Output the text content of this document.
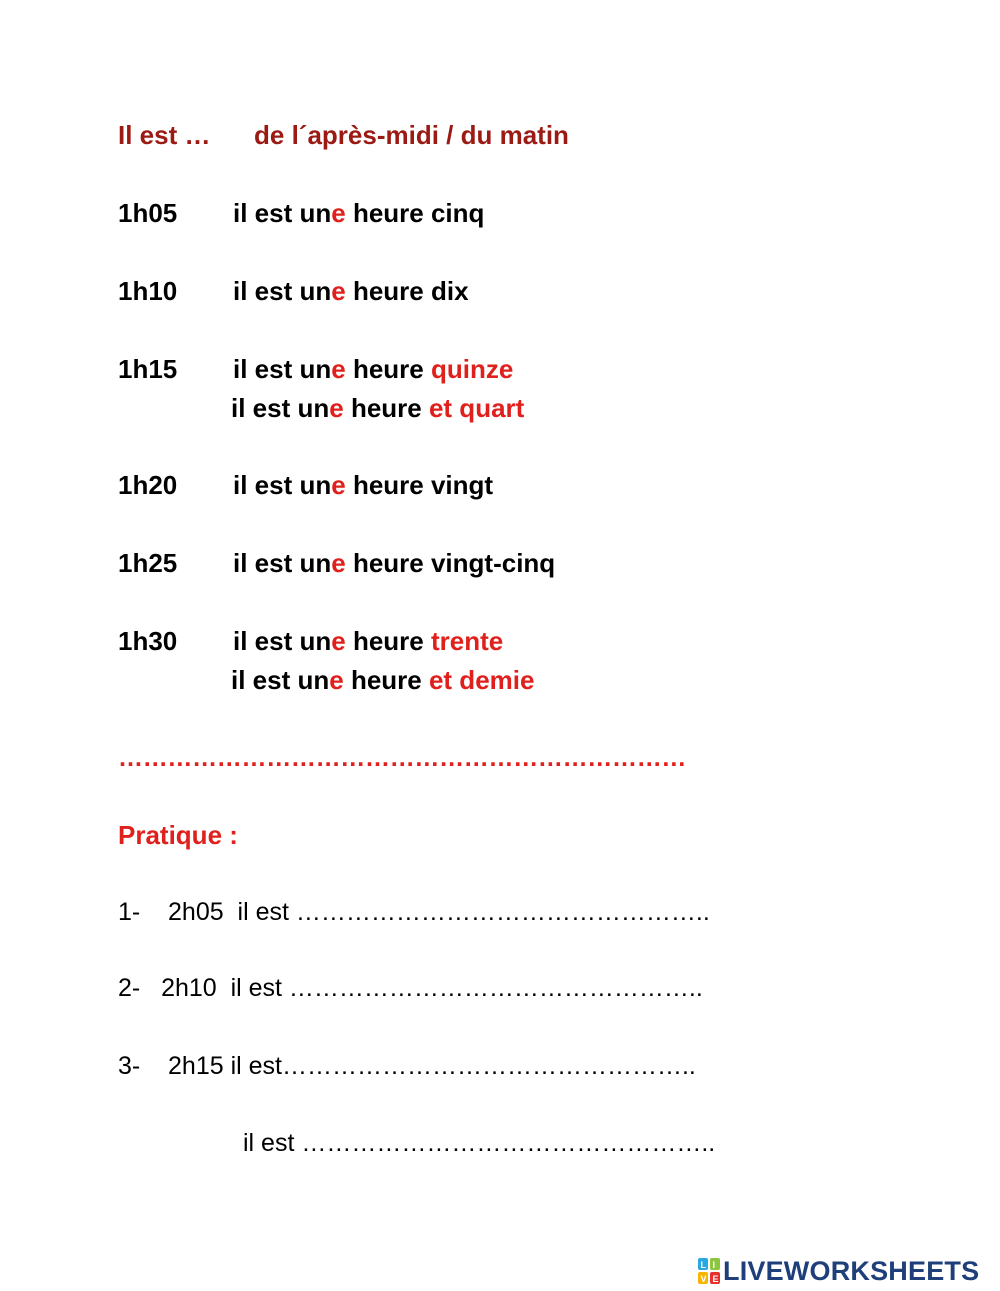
Il est … de l´après-midi / du matin
1h05 il est une heure cinq
1h10 il est une heure dix
1h15 il est une heure quinze
il est une heure et quart
1h20 il est une heure vingt
1h25 il est une heure vingt-cinq
1h30 il est une heure trente
il est une heure et demie
……………………………………………………………
Pratique :
1-    2h05  il est …………………………………………..
2-   2h10  il est …………………………………………..
3-    2h15 il est…………………………………………..
il est …………………………………………..
L I
V E LIVEWORKSHEETS
